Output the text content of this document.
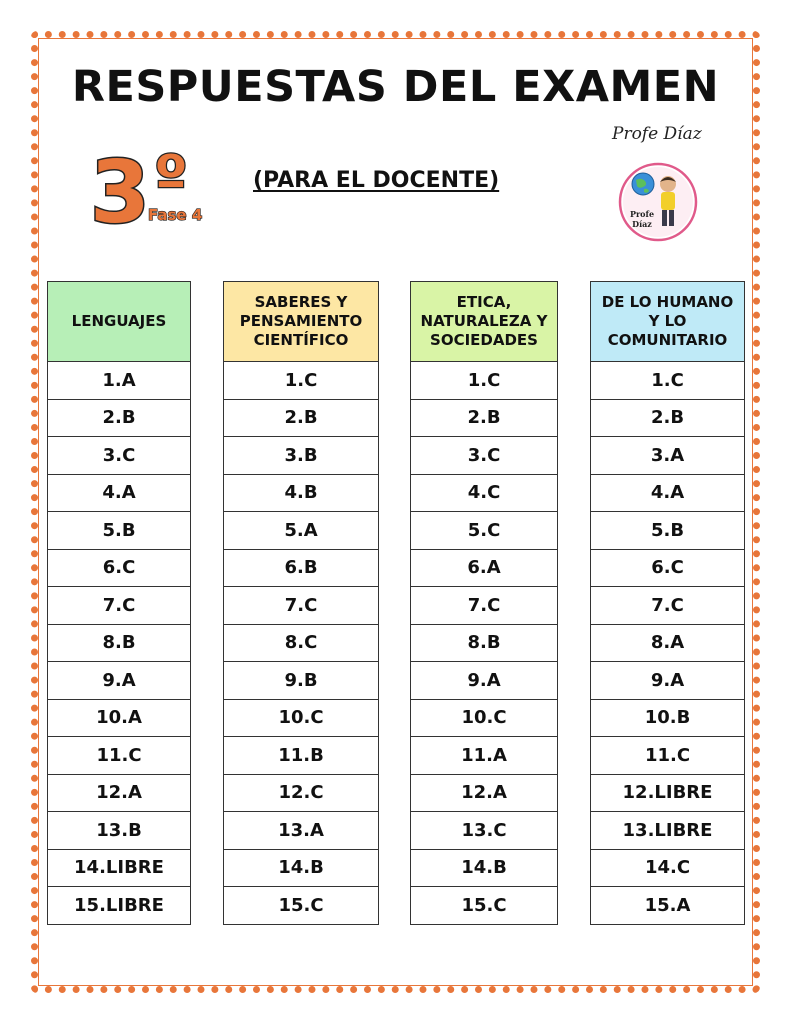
RESPUESTAS DEL EXAMEN
Profe Díaz
3 º
Fase 4
(PARA EL DOCENTE)
Profe
Díaz
LENGUAJES
1.A
2.B
3.C
4.A
5.B
6.C
7.C
8.B
9.A
10.A
11.C
12.A
13.B
14.LIBRE
15.LIBRE
SABERES Y PENSAMIENTO CIENTÍFICO
1.C
2.B
3.B
4.B
5.A
6.B
7.C
8.C
9.B
10.C
11.B
12.C
13.A
14.B
15.C
ETICA, NATURALEZA Y SOCIEDADES
1.C
2.B
3.C
4.C
5.C
6.A
7.C
8.B
9.A
10.C
11.A
12.A
13.C
14.B
15.C
DE LO HUMANO Y LO COMUNITARIO
1.C
2.B
3.A
4.A
5.B
6.C
7.C
8.A
9.A
10.B
11.C
12.LIBRE
13.LIBRE
14.C
15.A
